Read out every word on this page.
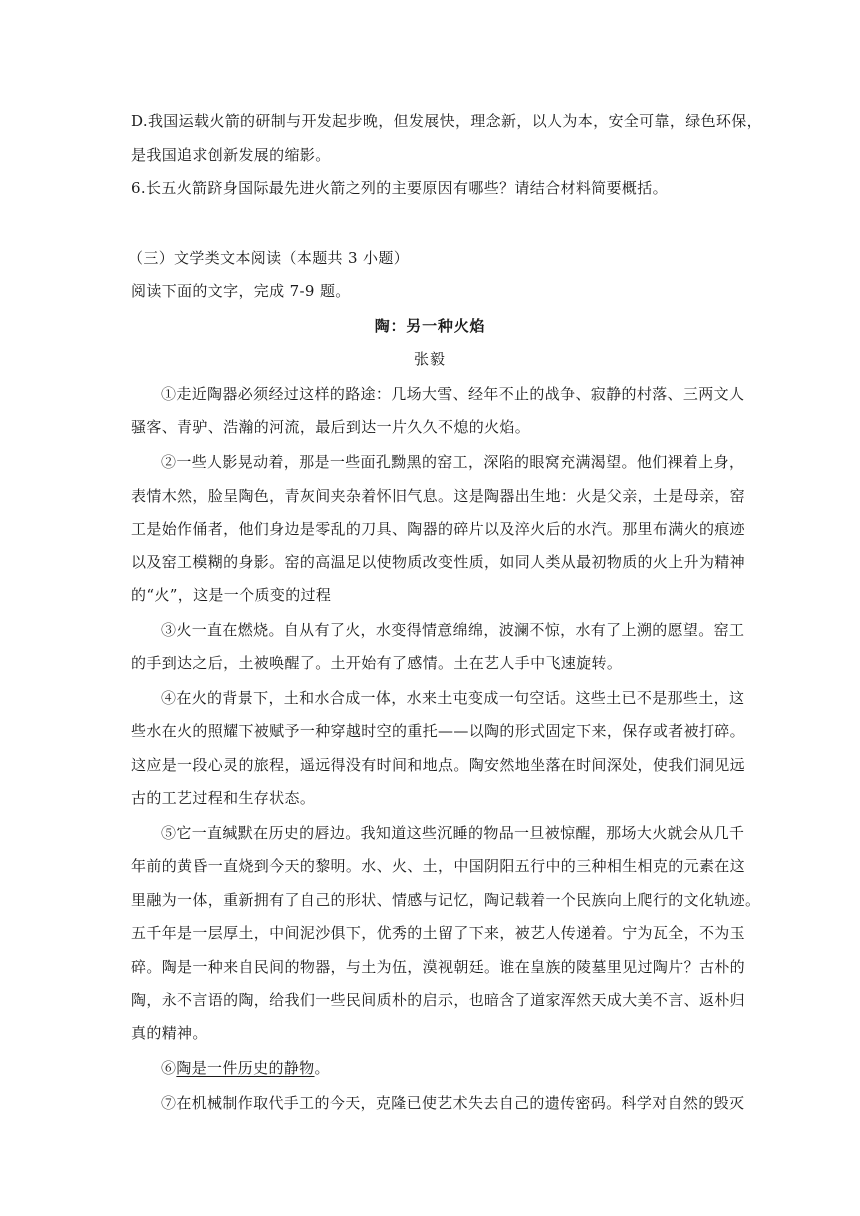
D.我国运载火箭的研制与开发起步晚，但发展快，理念新，以人为本，安全可靠，绿色环保，
是我国追求创新发展的缩影。
6.长五火箭跻身国际最先进火箭之列的主要原因有哪些？请结合材料简要概括。
（三）文学类文本阅读（本题共 3 小题）
阅读下面的文字，完成 7-9 题。
陶：另一种火焰
张毅
①走近陶器必须经过这样的路途：几场大雪、经年不止的战争、寂静的村落、三两文人
骚客、青驴、浩瀚的河流，最后到达一片久久不熄的火焰。
②一些人影晃动着，那是一些面孔黝黑的窑工，深陷的眼窝充满渴望。他们裸着上身，
表情木然，脸呈陶色，青灰间夹杂着怀旧气息。这是陶器出生地：火是父亲，土是母亲，窑
工是始作俑者，他们身边是零乱的刀具、陶器的碎片以及淬火后的水汽。那里布满火的痕迹
以及窑工模糊的身影。窑的高温足以使物质改变性质，如同人类从最初物质的火上升为精神
的“火”，这是一个质变的过程
③火一直在燃烧。自从有了火，水变得情意绵绵，波澜不惊，水有了上溯的愿望。窑工
的手到达之后，土被唤醒了。土开始有了感情。土在艺人手中飞速旋转。
④在火的背景下，土和水合成一体，水来土屯变成一句空话。这些土已不是那些土，这
些水在火的照耀下被赋予一种穿越时空的重托——以陶的形式固定下来，保存或者被打碎。
这应是一段心灵的旅程，遥远得没有时间和地点。陶安然地坐落在时间深处，使我们洞见远
古的工艺过程和生存状态。
⑤它一直缄默在历史的唇边。我知道这些沉睡的物品一旦被惊醒，那场大火就会从几千
年前的黄昏一直烧到今天的黎明。水、火、土，中国阴阳五行中的三种相生相克的元素在这
里融为一体，重新拥有了自己的形状、情感与记忆，陶记载着一个民族向上爬行的文化轨迹。
五千年是一层厚土，中间泥沙俱下，优秀的土留了下来，被艺人传递着。宁为瓦全，不为玉
碎。陶是一种来自民间的物器，与土为伍，漠视朝廷。谁在皇族的陵墓里见过陶片？古朴的
陶，永不言语的陶，给我们一些民间质朴的启示，也暗含了道家浑然天成大美不言、返朴归
真的精神。
⑥陶是一件历史的静物。
⑦在机械制作取代手工的今天，克隆已使艺术失去自己的遗传密码。科学对自然的毁灭
